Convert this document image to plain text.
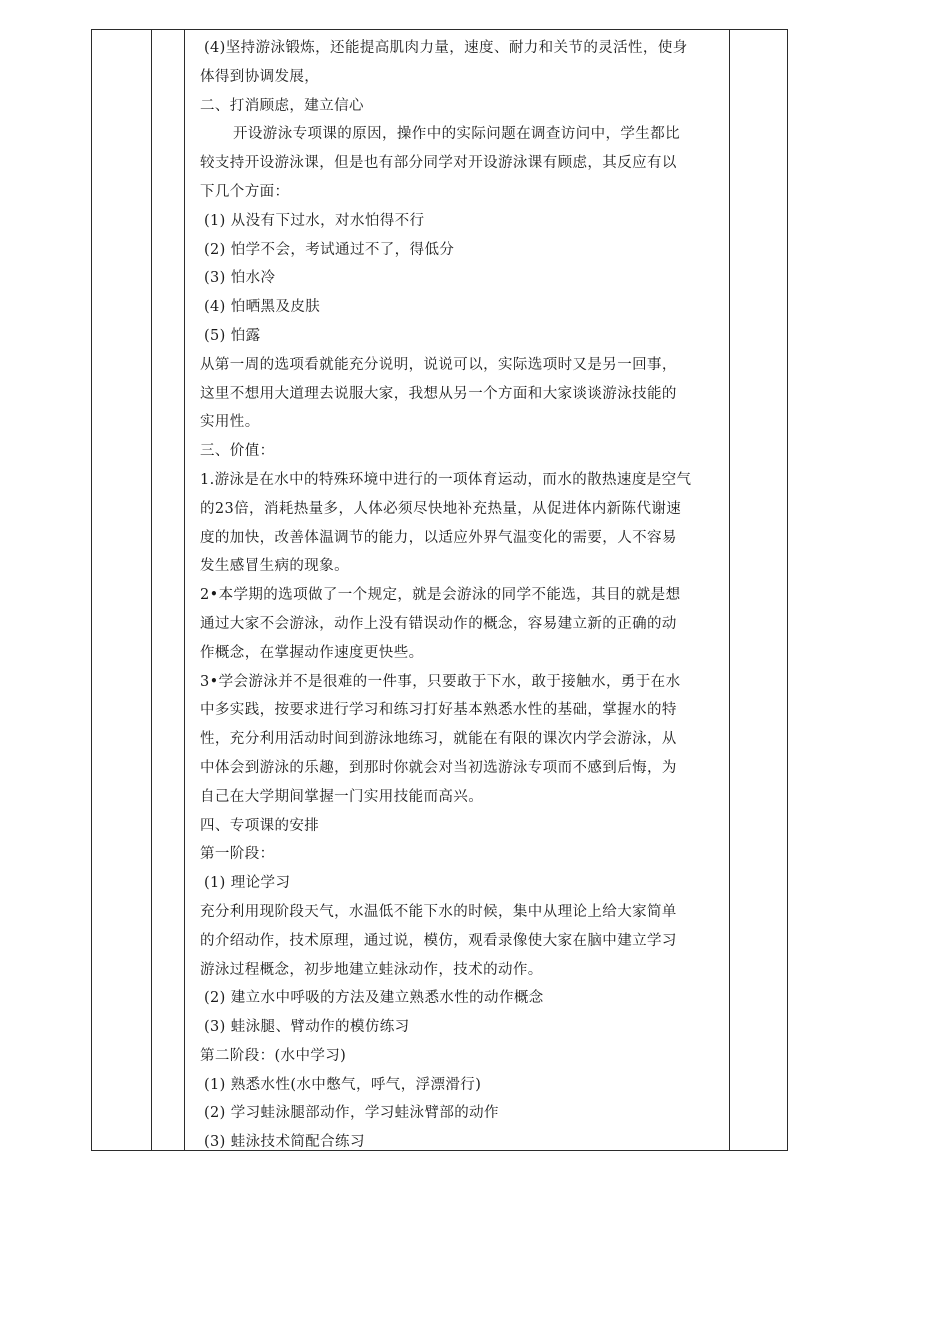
(4)坚持游泳锻炼，还能提高肌肉力量，速度、耐力和关节的灵活性，使身
体得到协调发展，
二、打消顾虑，建立信心
开设游泳专项课的原因，操作中的实际问题在调查访问中，学生都比
较支持开设游泳课，但是也有部分同学对开设游泳课有顾虑，其反应有以
下几个方面：
(1) 从没有下过水，对水怕得不行
(2) 怕学不会，考试通过不了，得低分
(3) 怕水冷
(4) 怕晒黑及皮肤
(5) 怕露
从第一周的选项看就能充分说明，说说可以，实际选项时又是另一回事，
这里不想用大道理去说服大家，我想从另一个方面和大家谈谈游泳技能的
实用性。
三、价值：
1.游泳是在水中的特殊环境中进行的一项体育运动，而水的散热速度是空气
的23倍，消耗热量多，人体必须尽快地补充热量，从促进体内新陈代谢速
度的加快，改善体温调节的能力，以适应外界气温变化的需要，人不容易
发生感冒生病的现象。
2•本学期的选项做了一个规定，就是会游泳的同学不能选，其目的就是想
通过大家不会游泳，动作上没有错误动作的概念，容易建立新的正确的动
作概念，在掌握动作速度更快些。
3•学会游泳并不是很难的一件事，只要敢于下水，敢于接触水，勇于在水
中多实践，按要求进行学习和练习打好基本熟悉水性的基础，掌握水的特
性，充分利用活动时间到游泳地练习，就能在有限的课次内学会游泳，从
中体会到游泳的乐趣，到那时你就会对当初选游泳专项而不感到后悔，为
自己在大学期间掌握一门实用技能而高兴。
四、专项课的安排
第一阶段：
(1) 理论学习
充分利用现阶段天气，水温低不能下水的时候，集中从理论上给大家简单
的介绍动作，技术原理，通过说，模仿，观看录像使大家在脑中建立学习
游泳过程概念，初步地建立蛙泳动作，技术的动作。
(2) 建立水中呼吸的方法及建立熟悉水性的动作概念
(3) 蛙泳腿、臂动作的模仿练习
第二阶段：(水中学习)
(1) 熟悉水性(水中憋气，呼气，浮漂滑行)
(2) 学习蛙泳腿部动作，学习蛙泳臂部的动作
(3) 蛙泳技术简配合练习
